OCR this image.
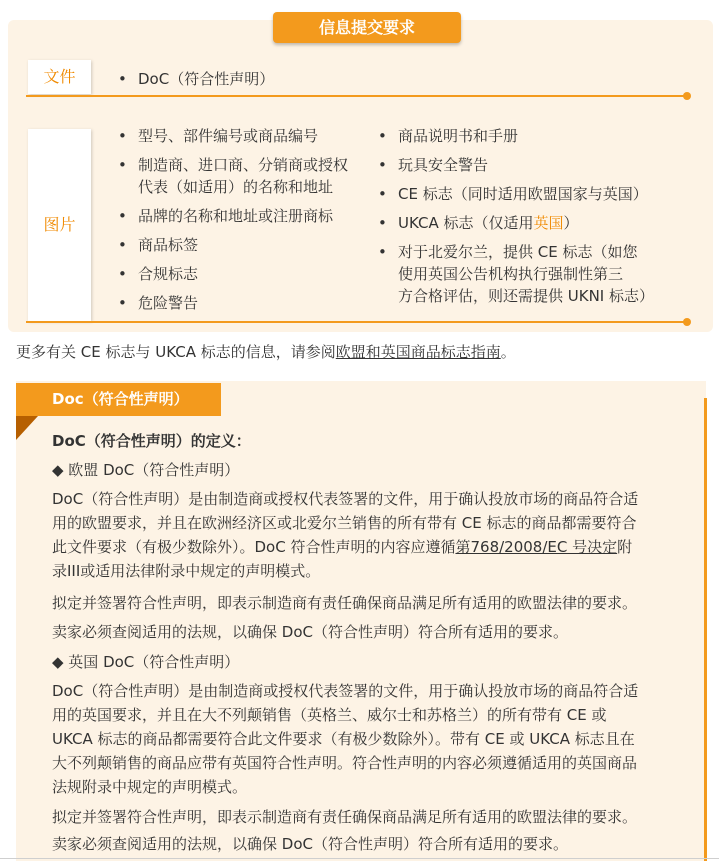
信息提交要求
文件
•	DoC（符合性声明）
图片
• 型号、部件编号或商品编号
• 制造商、进口商、分销商或授权
代表（如适用）的名称和地址
• 品牌的名称和地址或注册商标
• 商品标签
• 合规标志
• 危险警告
• 商品说明书和手册
• 玩具安全警告
• CE 标志（同时适用欧盟国家与英国）
• UKCA 标志（仅适用英国）
• 对于北爱尔兰，提供 CE 标志（如您
使用英国公告机构执行强制性第三
方合格评估，则还需提供 UKNI 标志）
更多有关 CE 标志与 UKCA 标志的信息，请参阅欧盟和英国商品标志指南。
Doc（符合性声明）

DoC（符合性声明）的定义：

◆ 欧盟 DoC（符合性声明）

DoC（符合性声明）是由制造商或授权代表签署的文件，用于确认投放市场的商品符合适
用的欧盟要求，并且在欧洲经济区或北爱尔兰销售的所有带有 CE 标志的商品都需要符合
此文件要求（有极少数除外）。DoC 符合性声明的内容应遵循第768/2008/EC 号决定附
录III或适用法律附录中规定的声明模式。

拟定并签署符合性声明，即表示制造商有责任确保商品满足所有适用的欧盟法律的要求。

卖家必须查阅适用的法规，以确保 DoC（符合性声明）符合所有适用的要求。

◆ 英国 DoC（符合性声明）

DoC（符合性声明）是由制造商或授权代表签署的文件，用于确认投放市场的商品符合适
用的英国要求，并且在大不列颠销售（英格兰、威尔士和苏格兰）的所有带有 CE 或
UKCA 标志的商品都需要符合此文件要求（有极少数除外）。带有 CE 或 UKCA 标志且在
大不列颠销售的商品应带有英国符合性声明。符合性声明的内容必须遵循适用的英国商品
法规附录中规定的声明模式。

拟定并签署符合性声明，即表示制造商有责任确保商品满足所有适用的欧盟法律的要求。

卖家必须查阅适用的法规，以确保 DoC（符合性声明）符合所有适用的要求。
